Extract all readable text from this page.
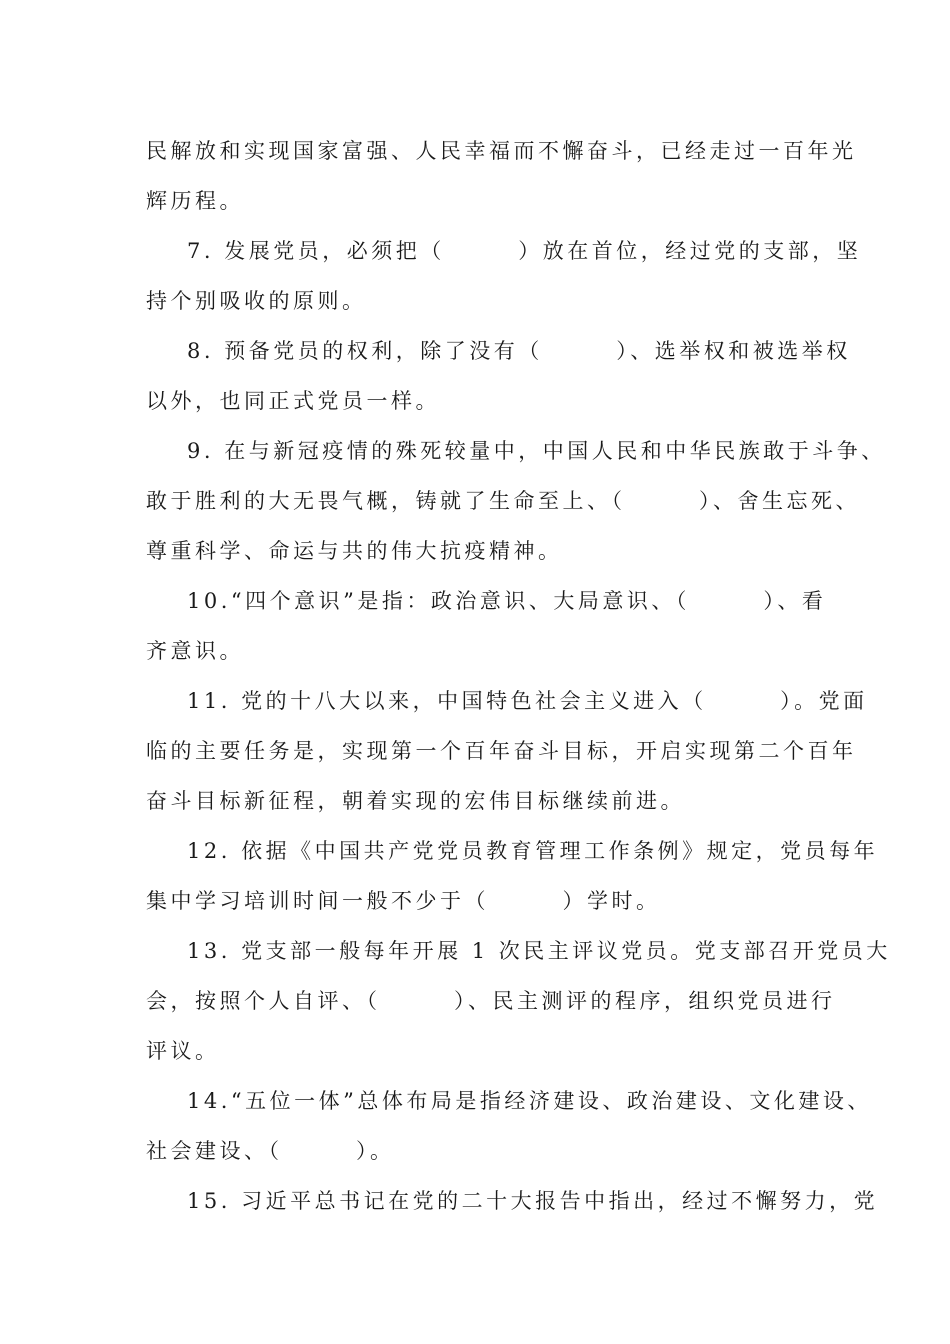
民解放和实现国家富强、人民幸福而不懈奋斗，已经走过一百年光
辉历程。
7. 发展党员，必须把（　　　）放在首位，经过党的支部，坚
持个别吸收的原则。
8. 预备党员的权利，除了没有（　　　）、选举权和被选举权
以外，也同正式党员一样。
9. 在与新冠疫情的殊死较量中，中国人民和中华民族敢于斗争、
敢于胜利的大无畏气概，铸就了生命至上、（　　　）、舍生忘死、
尊重科学、命运与共的伟大抗疫精神。
10.“四个意识”是指：政治意识、大局意识、（　　　）、看
齐意识。
11. 党的十八大以来，中国特色社会主义进入（　　　）。党面
临的主要任务是，实现第一个百年奋斗目标，开启实现第二个百年
奋斗目标新征程，朝着实现的宏伟目标继续前进。
12. 依据《中国共产党党员教育管理工作条例》规定，党员每年
集中学习培训时间一般不少于（　　　）学时。
13. 党支部一般每年开展 1 次民主评议党员。党支部召开党员大
会，按照个人自评、（　　　）、民主测评的程序，组织党员进行
评议。
14.“五位一体”总体布局是指经济建设、政治建设、文化建设、
社会建设、（　　　）。
15. 习近平总书记在党的二十大报告中指出，经过不懈努力，党
